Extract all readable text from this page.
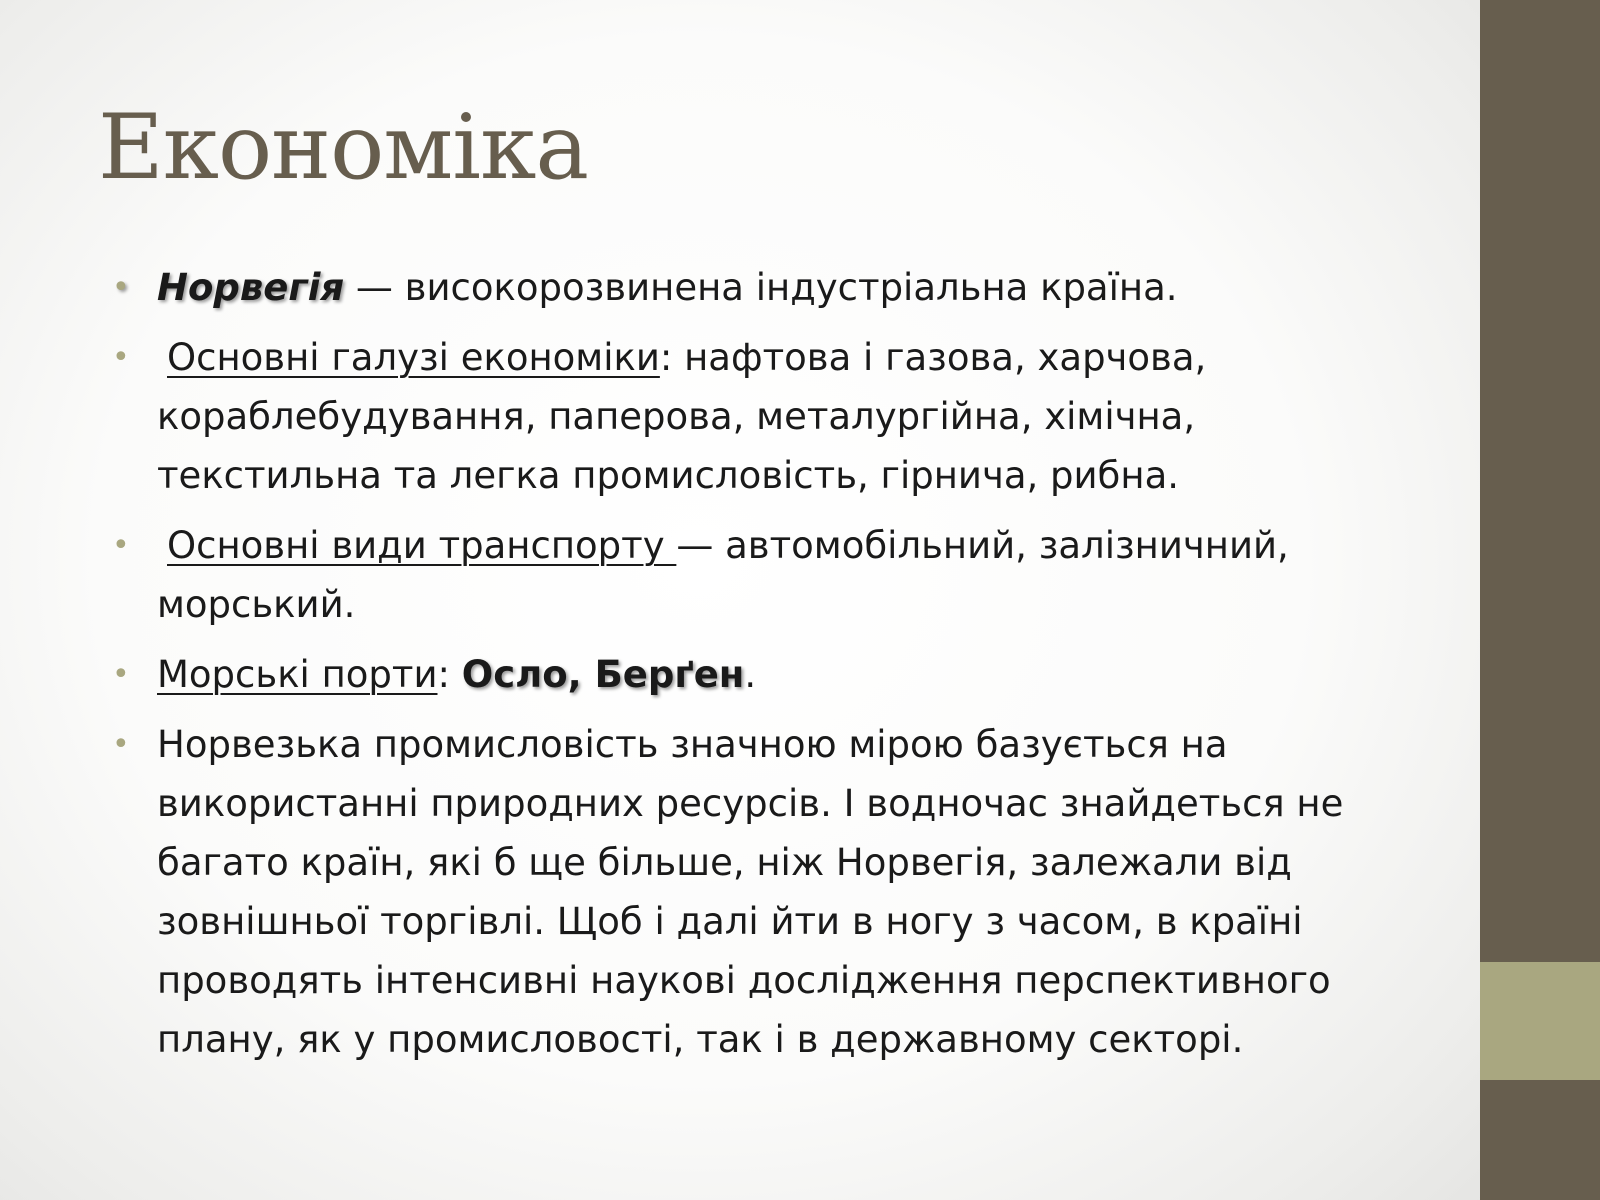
Економіка
• Норвегія — високорозвинена індустріальна країна.
• Основні галузі економіки: нафтова і газова, харчова, кораблебудування, паперова, металургійна, хімічна, текстильна та легка промисловість, гірнича, рибна.
• Основні види транспорту — автомобільний, залізничний, морський.
• Морські порти: Осло, Берґен.
• Норвезька промисловість значною мірою базується на використанні природних ресурсів. І водночас знайдеться не багато країн, які б ще більше, ніж Норвегія, залежали від зовнішньої торгівлі. Щоб і далі йти в ногу з часом, в країні проводять інтенсивні наукові дослідження перспективного плану, як у промисловості, так і в державному секторі.
